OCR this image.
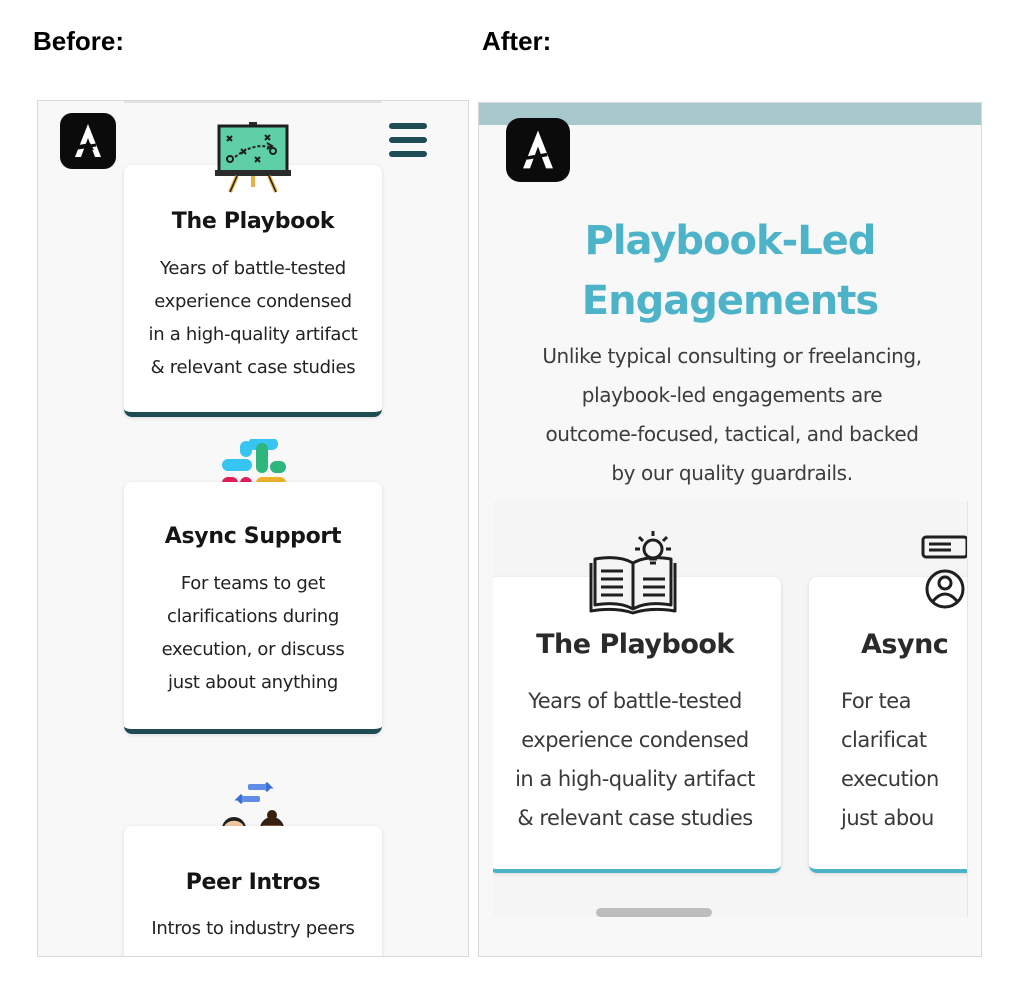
Before:	After:
The Playbook

Years of battle-tested
experience condensed
in a high-quality artifact
& relevant case studies

Async Support

For teams to get
clarifications during
execution, or discuss
just about anything

Peer Intros

Intros to industry peers

Playbook-Led
Engagements
Unlike typical consulting or freelancing,
playbook-led engagements are
outcome-focused, tactical, and backed
by our quality guardrails.
The Playbook

Years of battle-tested
experience condensed
in a high-quality artifact
& relevant case studies

Async

For tea
clarificat
execution
just abou
